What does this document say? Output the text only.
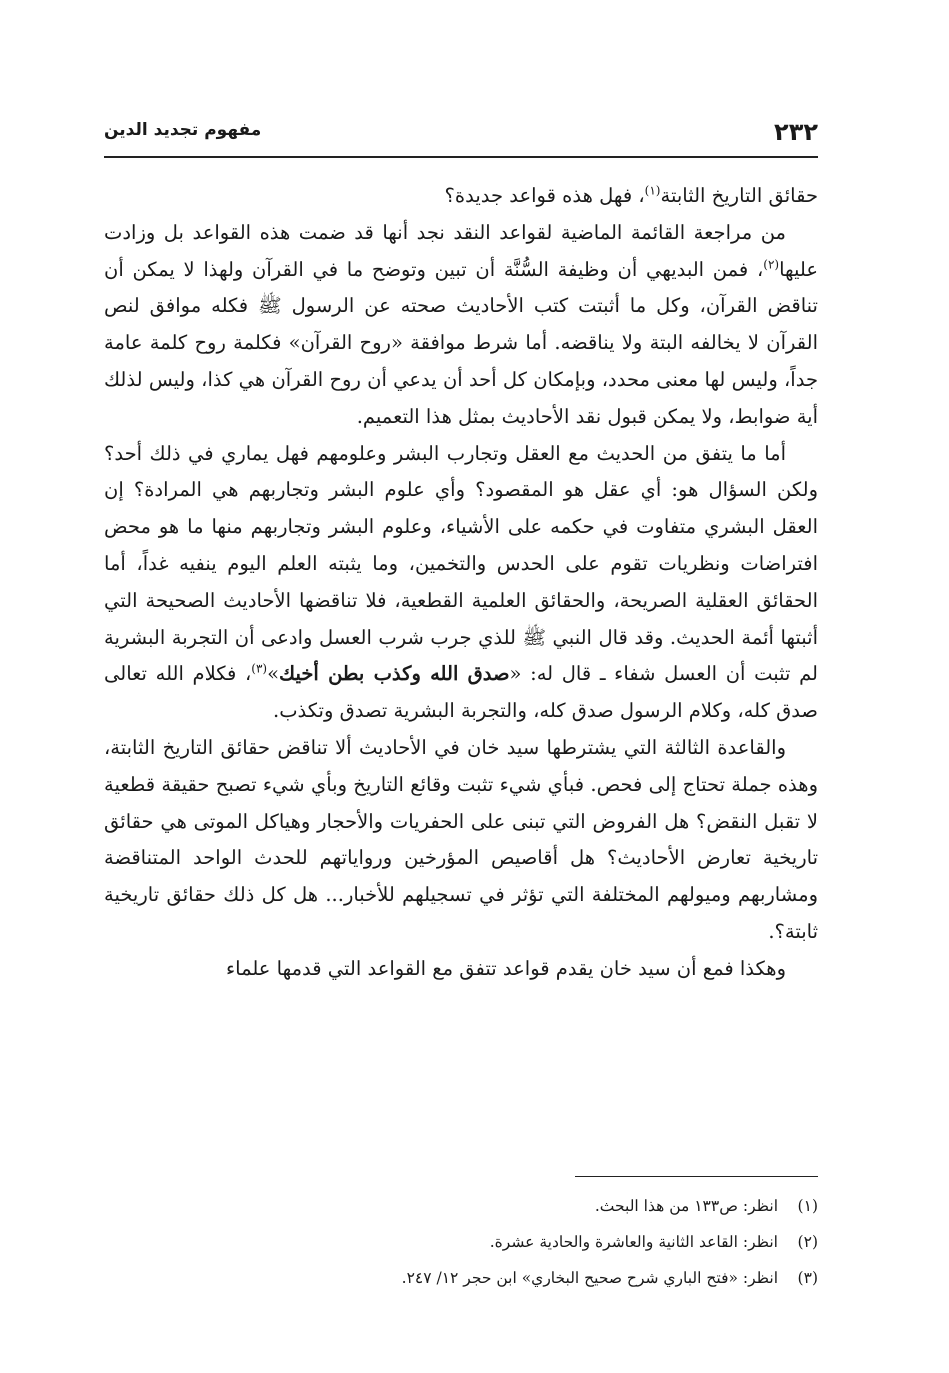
٢٣٢
مفهوم تجديد الدين

حقائق التاريخ الثابتة$^{(١)}$، فهل هذه قواعد جديدة؟

من مراجعة القائمة الماضية لقواعد النقد نجد أنها قد ضمت هذه القواعد بل وزادت عليها$^{(٢)}$، فمن البديهي أن وظيفة السُّنَّة أن تبين وتوضح ما في القرآن ولهذا لا يمكن أن تناقض القرآن، وكل ما أثبتت كتب الأحاديث صحته عن الرسول ﷺ فكله موافق لنص القرآن لا يخالفه البتة ولا يناقضه. أما شرط موافقة «روح القرآن» فكلمة روح كلمة عامة جداً، وليس لها معنى محدد، وبإمكان كل أحد أن يدعي أن روح القرآن هي كذا، وليس لذلك أية ضوابط، ولا يمكن قبول نقد الأحاديث بمثل هذا التعميم.

أما ما يتفق من الحديث مع العقل وتجارب البشر وعلومهم فهل يماري في ذلك أحد؟ ولكن السؤال هو: أي عقل هو المقصود؟ وأي علوم البشر وتجاربهم هي المرادة؟ إن العقل البشري متفاوت في حكمه على الأشياء، وعلوم البشر وتجاربهم منها ما هو محض افتراضات ونظريات تقوم على الحدس والتخمين، وما يثبته العلم اليوم ينفيه غداً، أما الحقائق العقلية الصريحة، والحقائق العلمية القطعية، فلا تناقضها الأحاديث الصحيحة التي أثبتها أئمة الحديث. وقد قال النبي ﷺ للذي جرب شرب العسل وادعى أن التجربة البشرية لم تثبت أن العسل شفاء ـ قال له: «صدق الله وكذب بطن أخيك»$^{(٣)}$، فكلام الله تعالى صدق كله، وكلام الرسول صدق كله، والتجربة البشرية تصدق وتكذب.

والقاعدة الثالثة التي يشترطها سيد خان في الأحاديث ألا تناقض حقائق التاريخ الثابتة، وهذه جملة تحتاج إلى فحص. فبأي شيء تثبت وقائع التاريخ وبأي شيء تصبح حقيقة قطعية لا تقبل النقض؟ هل الفروض التي تبنى على الحفريات والأحجار وهياكل الموتى هي حقائق تاريخية تعارض الأحاديث؟ هل أقاصيص المؤرخين ورواياتهم للحدث الواحد المتناقضة ومشاربهم وميولهم المختلفة التي تؤثر في تسجيلهم للأخبار... هل كل ذلك حقائق تاريخية ثابتة؟.

وهكذا فمع أن سيد خان يقدم قواعد تتفق مع القواعد التي قدمها علماء

(١)انظر: ص١٣٣ من هذا البحث.

(٢)انظر: القاعد الثانية والعاشرة والحادية عشرة.

(٣)انظر: «فتح الباري شرح صحيح البخاري» ابن حجر ١٢/ ٢٤٧.
